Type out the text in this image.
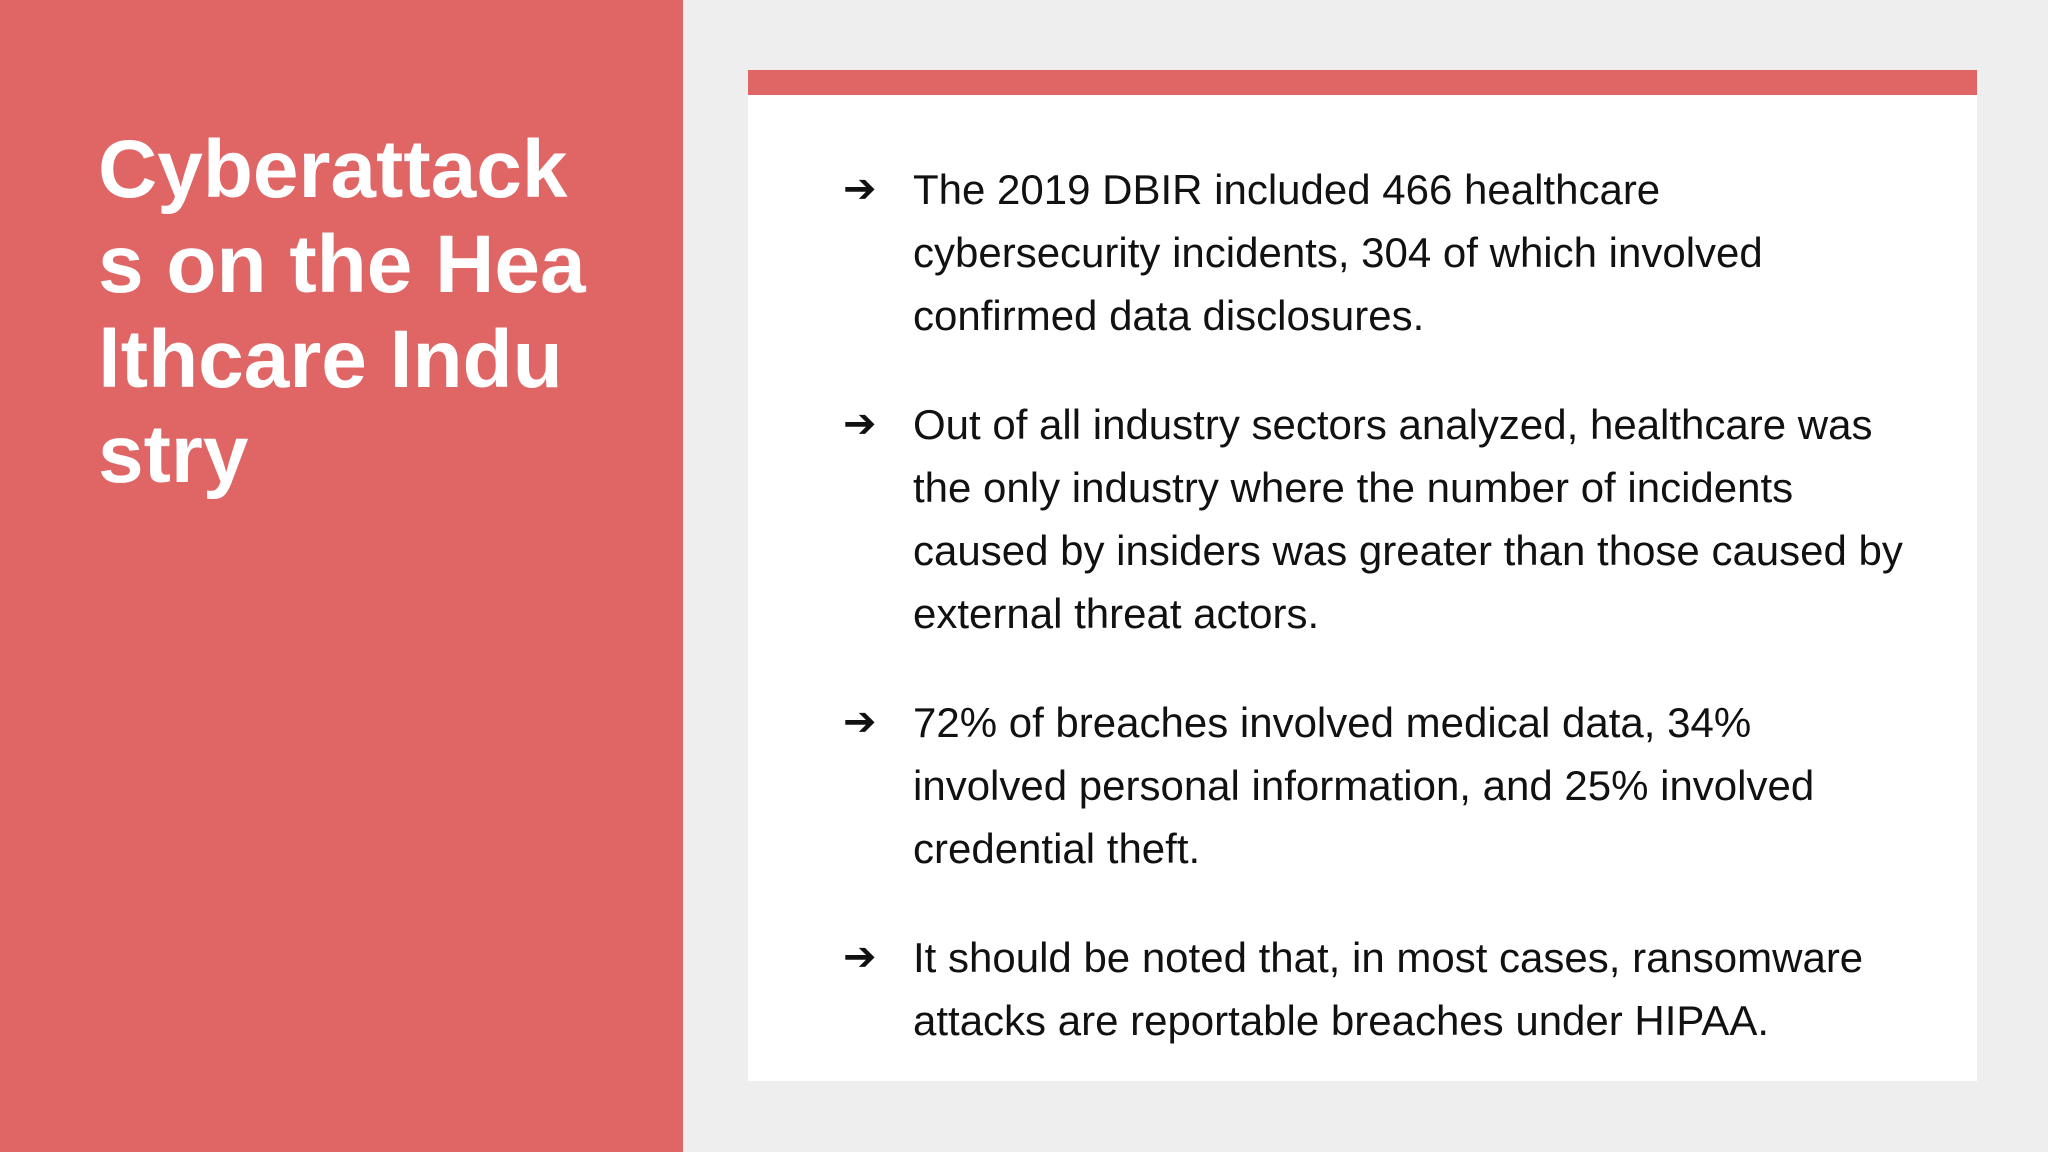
Cyberattacks on the Healthcare Industry
➔ The 2019 DBIR included 466 healthcare cybersecurity incidents, 304 of which involved confirmed data disclosures.
➔ Out of all industry sectors analyzed, healthcare was the only industry where the number of incidents caused by insiders was greater than those caused by external threat actors.
➔ 72% of breaches involved medical data, 34% involved personal information, and 25% involved credential theft.
➔ It should be noted that, in most cases, ransomware attacks are reportable breaches under HIPAA.
